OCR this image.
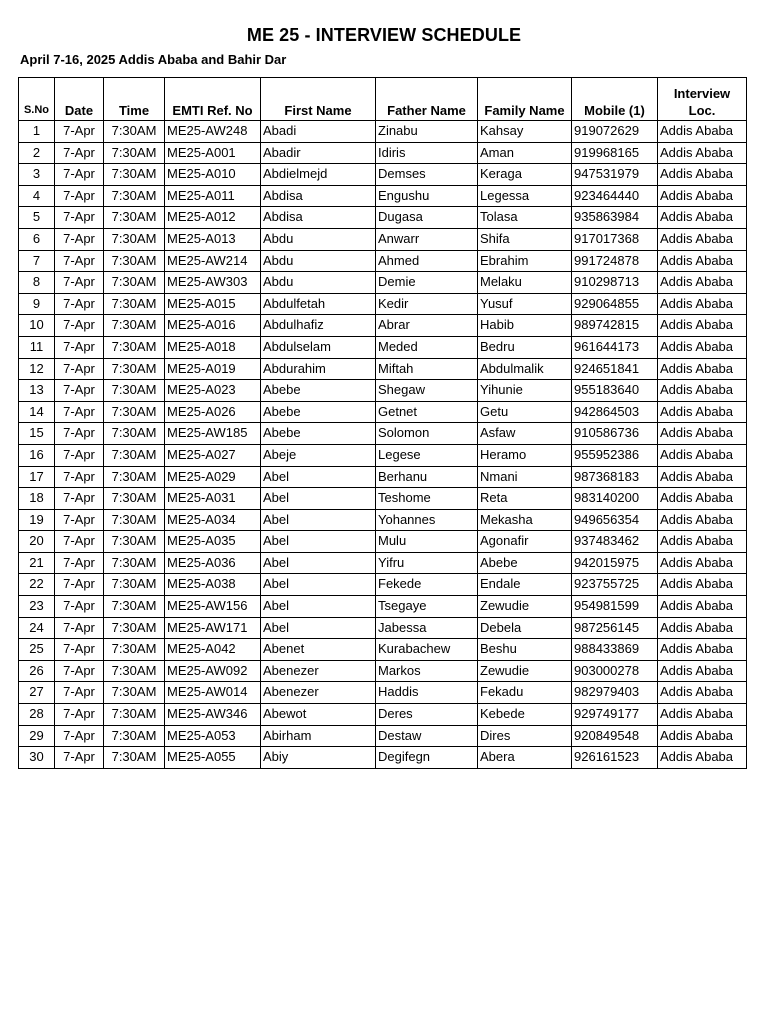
ME 25 - INTERVIEW SCHEDULE
April 7-16, 2025 Addis Ababa and Bahir Dar
S.No	Date	Time	EMTI Ref. No	First Name	Father Name	Family Name	Mobile (1)	Interview
Loc.
1	7-Apr	7:30AM	ME25-AW248	Abadi	Zinabu	Kahsay	919072629	Addis Ababa
2	7-Apr	7:30AM	ME25-A001	Abadir	Idiris	Aman	919968165	Addis Ababa
3	7-Apr	7:30AM	ME25-A010	Abdielmejd	Demses	Keraga	947531979	Addis Ababa
4	7-Apr	7:30AM	ME25-A011	Abdisa	Engushu	Legessa	923464440	Addis Ababa
5	7-Apr	7:30AM	ME25-A012	Abdisa	Dugasa	Tolasa	935863984	Addis Ababa
6	7-Apr	7:30AM	ME25-A013	Abdu	Anwarr	Shifa	917017368	Addis Ababa
7	7-Apr	7:30AM	ME25-AW214	Abdu	Ahmed	Ebrahim	991724878	Addis Ababa
8	7-Apr	7:30AM	ME25-AW303	Abdu	Demie	Melaku	910298713	Addis Ababa
9	7-Apr	7:30AM	ME25-A015	Abdulfetah	Kedir	Yusuf	929064855	Addis Ababa
10	7-Apr	7:30AM	ME25-A016	Abdulhafiz	Abrar	Habib	989742815	Addis Ababa
11	7-Apr	7:30AM	ME25-A018	Abdulselam	Meded	Bedru	961644173	Addis Ababa
12	7-Apr	7:30AM	ME25-A019	Abdurahim	Miftah	Abdulmalik	924651841	Addis Ababa
13	7-Apr	7:30AM	ME25-A023	Abebe	Shegaw	Yihunie	955183640	Addis Ababa
14	7-Apr	7:30AM	ME25-A026	Abebe	Getnet	Getu	942864503	Addis Ababa
15	7-Apr	7:30AM	ME25-AW185	Abebe	Solomon	Asfaw	910586736	Addis Ababa
16	7-Apr	7:30AM	ME25-A027	Abeje	Legese	Heramo	955952386	Addis Ababa
17	7-Apr	7:30AM	ME25-A029	Abel	Berhanu	Nmani	987368183	Addis Ababa
18	7-Apr	7:30AM	ME25-A031	Abel	Teshome	Reta	983140200	Addis Ababa
19	7-Apr	7:30AM	ME25-A034	Abel	Yohannes	Mekasha	949656354	Addis Ababa
20	7-Apr	7:30AM	ME25-A035	Abel	Mulu	Agonafir	937483462	Addis Ababa
21	7-Apr	7:30AM	ME25-A036	Abel	Yifru	Abebe	942015975	Addis Ababa
22	7-Apr	7:30AM	ME25-A038	Abel	Fekede	Endale	923755725	Addis Ababa
23	7-Apr	7:30AM	ME25-AW156	Abel	Tsegaye	Zewudie	954981599	Addis Ababa
24	7-Apr	7:30AM	ME25-AW171	Abel	Jabessa	Debela	987256145	Addis Ababa
25	7-Apr	7:30AM	ME25-A042	Abenet	Kurabachew	Beshu	988433869	Addis Ababa
26	7-Apr	7:30AM	ME25-AW092	Abenezer	Markos	Zewudie	903000278	Addis Ababa
27	7-Apr	7:30AM	ME25-AW014	Abenezer	Haddis	Fekadu	982979403	Addis Ababa
28	7-Apr	7:30AM	ME25-AW346	Abewot	Deres	Kebede	929749177	Addis Ababa
29	7-Apr	7:30AM	ME25-A053	Abirham	Destaw	Dires	920849548	Addis Ababa
30	7-Apr	7:30AM	ME25-A055	Abiy	Degifegn	Abera	926161523	Addis Ababa
